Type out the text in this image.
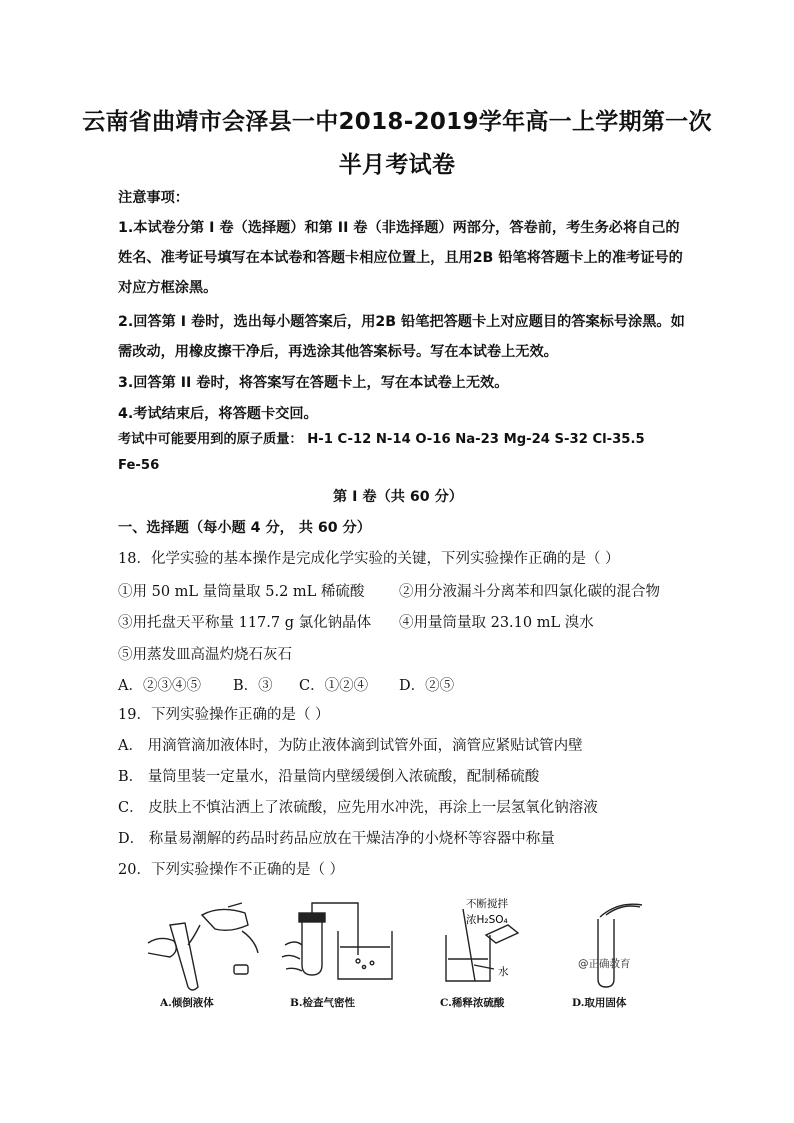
云南省曲靖市会泽县一中2018-2019学年高一上学期第一次
半月考试卷
注意事项：
1.本试卷分第 I 卷（选择题）和第 II 卷（非选择题）两部分，答卷前，考生务必将自己的
姓名、准考证号填写在本试卷和答题卡相应位置上，且用2B 铅笔将答题卡上的准考证号的
对应方框涂黑。
2.回答第 I 卷时，选出每小题答案后，用2B 铅笔把答题卡上对应题目的答案标号涂黑。如
需改动，用橡皮擦干净后，再选涂其他答案标号。写在本试卷上无效。
3.回答第 II 卷时，将答案写在答题卡上，写在本试卷上无效。
4.考试结束后，将答题卡交回。
考试中可能要用到的原子质量： H-1 C-12 N-14 O-16 Na-23 Mg-24 S-32 Cl-35.5
Fe-56
第 I 卷（共 60 分）
一、选择题（每小题 4 分， 共 60 分）
18．化学实验的基本操作是完成化学实验的关键，下列实验操作正确的是（ ）
①用 50 mL 量筒量取 5.2 mL 稀硫酸 ②用分液漏斗分离苯和四氯化碳的混合物
③用托盘天平称量 117.7 g 氯化钠晶体 ④用量筒量取 23.10 mL 溴水
⑤用蒸发皿高温灼烧石灰石
A．②③④⑤ B．③ C．①②④ D．②⑤
19．下列实验操作正确的是（ ）
A． 用滴管滴加液体时，为防止液体滴到试管外面，滴管应紧贴试管内壁
B． 量筒里装一定量水，沿量筒内壁缓缓倒入浓硫酸，配制稀硫酸
C． 皮肤上不慎沾洒上了浓硫酸，应先用水冲洗，再涂上一层氢氧化钠溶液
D． 称量易潮解的药品时药品应放在干燥洁净的小烧杯等容器中称量
20．下列实验操作不正确的是（ ）
不断搅拌
浓H₂SO₄
水
@正确教育
A.倾倒液体	B.检查气密性	C.稀释浓硫酸	D.取用固体
